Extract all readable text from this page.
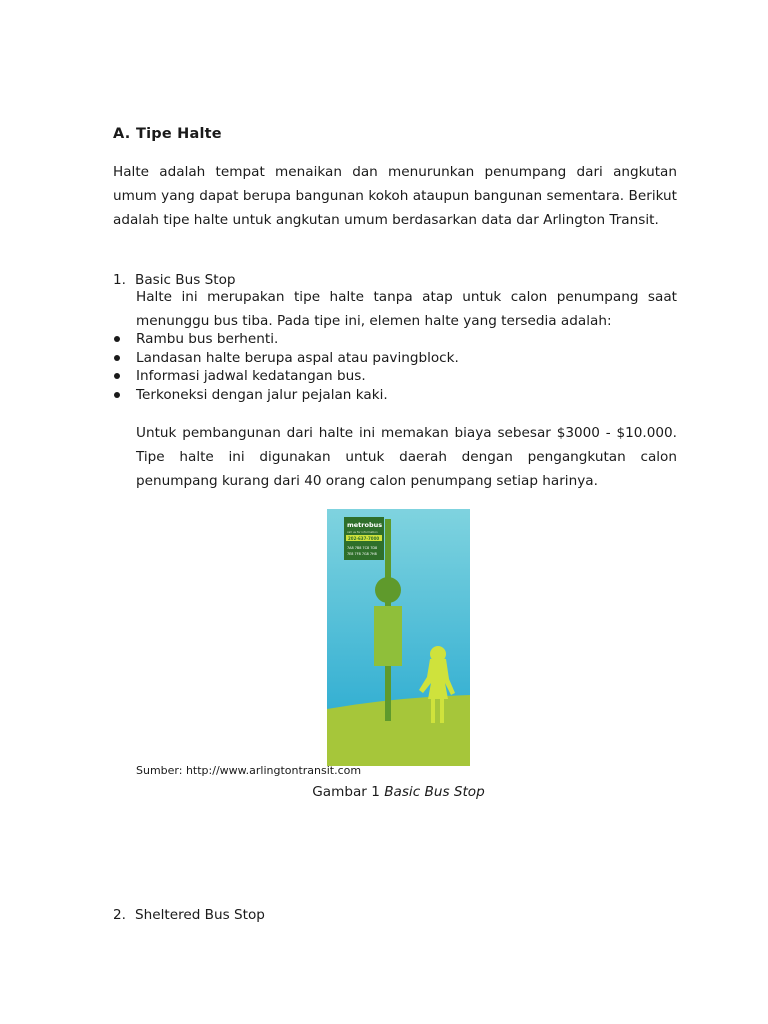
A. Tipe Halte
Halte adalah tempat menaikan dan menurunkan penumpang dari angkutan umum yang dapat berupa bangunan kokoh ataupun bangunan sementara. Berikut adalah tipe halte untuk angkutan umum berdasarkan data dar Arlington Transit.
1. Basic Bus Stop
Halte ini merupakan tipe halte tanpa atap untuk calon penumpang saat menunggu bus tiba. Pada tipe ini, elemen halte yang tersedia adalah:
Rambu bus berhenti.
Landasan halte berupa aspal atau pavingblock.
Informasi jadwal kedatangan bus.
Terkoneksi dengan jalur pejalan kaki.
Untuk pembangunan dari halte ini memakan biaya sebesar $3000 - $10.000. Tipe halte ini digunakan untuk daerah dengan pengangkutan calon penumpang kurang dari 40 orang calon penumpang setiap harinya.
metrobus
call us for information
202-637-7000
7A8 7B8 7C8 7D8
7E8 7F8 7G8 7H8
Sumber: http://www.arlingtontransit.com
Gambar 1 Basic Bus Stop
2. Sheltered Bus Stop
